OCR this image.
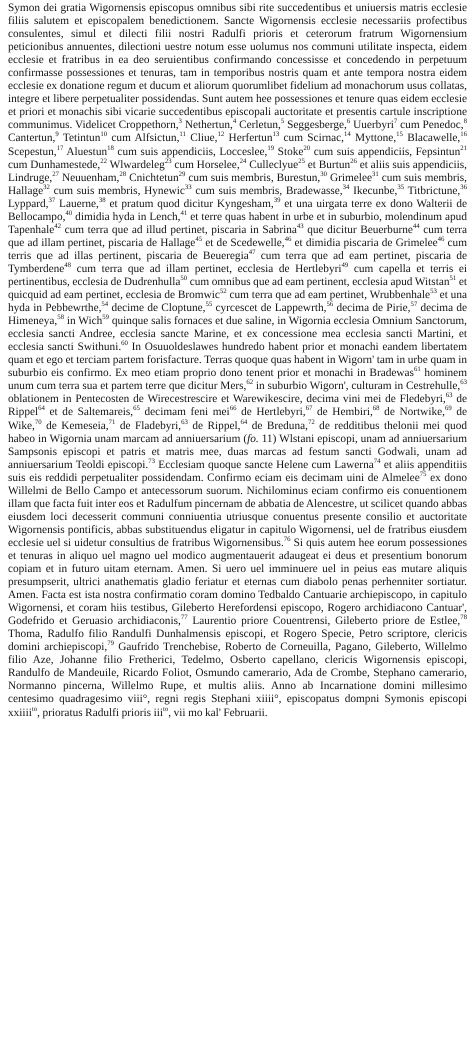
Symon dei gratia Wigornensis episcopus omnibus sibi rite succedentibus et uniuersis matris ecclesie filiis salutem et episcopalem benedictionem. Sancte Wigornensis ecclesie necessariis profectibus consulentes, simul et dilecti filii nostri Radulfi prioris et ceterorum fratrum Wigornensium peticionibus annuentes, dilectioni uestre notum esse uolumus nos communi utilitate inspecta, eidem ecclesie et fratribus in ea deo seruientibus confirmando concessisse et concedendo in perpetuum confirmasse possessiones et tenuras, tam in temporibus nostris quam et ante tempora nostra eidem ecclesie ex donatione regum et ducum et aliorum quorumlibet fidelium ad monachorum usus collatas, integre et libere perpetualiter possidendas. Sunt autem hee possessiones et tenure quas eidem ecclesie et priori et monachis sibi vicarie succedentibus episcopali auctoritate et presentis cartule inscriptione communimus. Videlicet Croppethorn,$^3$ Nethertun,$^4$ Cerletun,$^5$ Seggesberge,$^6$ Uuerbyri$^7$ cum Penedoc,$^8$ Cantertun,$^9$ Tetintun$^{10}$ cum Alfsictun,$^{11}$ Cliue,$^{12}$ Herfertun$^{13}$ cum Scirnac,$^{14}$ Myttone,$^{15}$ Blacawelle,$^{16}$ Scepestun,$^{17}$ Aluestun$^{18}$ cum suis appendiciis, Locceslee,$^{19}$ Stoke$^{20}$ cum suis appendiciis, Fepsintun$^{21}$ cum Dunhamestede,$^{22}$ Wlwardeleg$^{23}$ cum Horselee,$^{24}$ Culleclyue$^{25}$ et Burtun$^{26}$ et aliis suis appendiciis, Lindruge,$^{27}$ Neuuenham,$^{28}$ Cnichtetun$^{29}$ cum suis membris, Burestun,$^{30}$ Grimelee$^{31}$ cum suis membris, Hallage$^{32}$ cum suis membris, Hynewic$^{33}$ cum suis membris, Bradewasse,$^{34}$ Ikecunbe,$^{35}$ Titbrictune,$^{36}$ Lyppard,$^{37}$ Lauerne,$^{38}$ et pratum quod dicitur Kyngesham,$^{39}$ et una uirgata terre ex dono Walterii de Bellocampo,$^{40}$ dimidia hyda in Lench,$^{41}$ et terre quas habent in urbe et in suburbio, molendinum apud Tapenhale$^{42}$ cum terra que ad illud pertinet, piscaria in Sabrina$^{43}$ que dicitur Beuerburne$^{44}$ cum terra que ad illam pertinet, piscaria de Hallage$^{45}$ et de Scedewelle,$^{46}$ et dimidia piscaria de Grimelee$^{46}$ cum terris que ad illas pertinent, piscaria de Beueregia$^{47}$ cum terra que ad eam pertinet, piscaria de Tymberdene$^{48}$ cum terra que ad illam pertinet, ecclesia de Hertlebyri$^{49}$ cum capella et terris ei pertinentibus, ecclesia de Dudrenhulla$^{50}$ cum omnibus que ad eam pertinent, ecclesia apud Witstan$^{51}$ et quicquid ad eam pertinet, ecclesia de Bromwic$^{52}$ cum terra que ad eam pertinet, Wrubbenhale$^{53}$ et una hyda in Pebbewrthe,$^{54}$ decime de Cloptune,$^{55}$ cyrcescet de Lappewrth,$^{56}$ decima de Pirie,$^{57}$ decima de Himeneya,$^{58}$ in Wich$^{59}$ quinque salis fornaces et due saline, in Wigornia ecclesia Omnium Sanctorum, ecclesia sancti Andree, ecclesia sancte Marine, et ex concessione mea ecclesia sancti Martini, et ecclesia sancti Swithuni.$^{60}$ In Osuuoldeslawes hundredo habent prior et monachi eandem libertatem quam et ego et terciam partem forisfacture. Terras quoque quas habent in Wigorn' tam in urbe quam in suburbio eis confirmo. Ex meo etiam proprio dono tenent prior et monachi in Bradewas$^{61}$ hominem unum cum terra sua et partem terre que dicitur Mers,$^{62}$ in suburbio Wigorn', culturam in Cestrehulle,$^{63}$ oblationem in Pentecosten de Wirecestrescire et Warewikescire, decima vini mei de Fledebyri,$^{63}$ de Rippel$^{64}$ et de Saltemareis,$^{65}$ decimam feni mei$^{66}$ de Hertlebyri,$^{67}$ de Hembiri,$^{68}$ de Nortwike,$^{69}$ de Wike,$^{70}$ de Kemeseia,$^{71}$ de Fladebyri,$^{63}$ de Rippel,$^{64}$ de Breduna,$^{72}$ de redditibus thelonii mei quod habeo in Wigornia unam marcam ad anniuersarium (fo. 11) Wlstani episcopi, unam ad anniuersarium Sampsonis episcopi et patris et matris mee, duas marcas ad festum sancti Godwali, unam ad anniuersarium Teoldi episcopi.$^{73}$ Ecclesiam quoque sancte Helene cum Lawerna$^{74}$ et aliis appenditiis suis eis reddidi perpetualiter possidendam. Confirmo eciam eis decimam uini de Almelee$^{75}$ ex dono Willelmi de Bello Campo et antecessorum suorum. Nichilominus eciam confirmo eis conuentionem illam que facta fuit inter eos et Radulfum pincernam de abbatia de Alencestre, ut scilicet quando abbas eiusdem loci decesserit communi conniuentia utriusque conuentus presente consilio et auctoritate Wigornensis pontificis, abbas substituendus eligatur in capitulo Wigornensi, uel de fratribus eiusdem ecclesie uel si uidetur consultius de fratribus Wigornensibus.$^{76}$ Si quis autem hee eorum possessiones et tenuras in aliquo uel magno uel modico augmentauerit adaugeat ei deus et presentium bonorum copiam et in futuro uitam eternam. Amen. Si uero uel imminuere uel in peius eas mutare aliquis presumpserit, ultrici anathematis gladio feriatur et eternas cum diabolo penas perhenniter sortiatur. Amen. Facta est ista nostra confirmatio coram domino Tedbaldo Cantuarie archiepiscopo, in capitulo Wigornensi, et coram hiis testibus, Gileberto Herefordensi episcopo, Rogero archidiacono Cantuar', Godefrido et Geruasio archidiaconis,$^{77}$ Laurentio priore Couentrensi, Gileberto priore de Estlee,$^{78}$ Thoma, Radulfo filio Randulfi Dunhalmensis episcopi, et Rogero Specie, Petro scriptore, clericis domini archiepiscopi,$^{79}$ Gaufrido Trenchebise, Roberto de Corneuilla, Pagano, Gileberto, Willelmo filio Aze, Johanne filio Fretherici, Tedelmo, Osberto capellano, clericis Wigornensis episcopi, Randulfo de Mandeuile, Ricardo Foliot, Osmundo camerario, Ada de Crombe, Stephano camerario, Normanno pincerna, Willelmo Rupe, et multis aliis. Anno ab Incarnatione domini millesimo centesimo quadragesimo viii°, regni regis Stephani xiiii°, episcopatus dompni Symonis episcopi xxiiii$^{to}$, prioratus Radulfi prioris iii$^{to}$, vii mo kal' Februarii.
